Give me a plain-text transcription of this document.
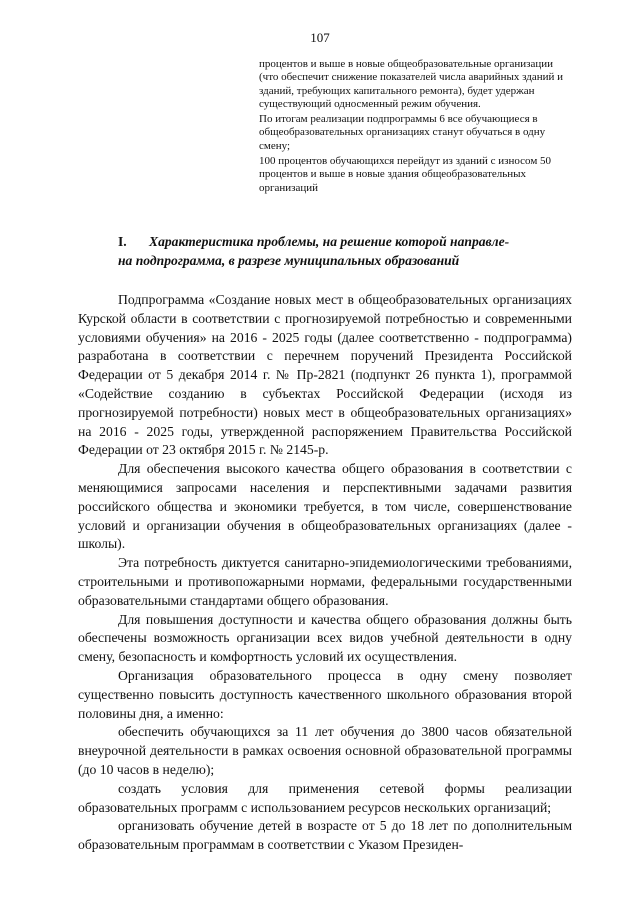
107

процентов и выше в новые общеобразовательные организации (что обеспечит снижение показателей числа аварийных зданий и зданий, требующих капитального ремонта), будет удержан существующий односменный режим обучения.

По итогам реализации подпрограммы 6 все обучающиеся в общеобразовательных организациях станут обучаться в одну смену;

100 процентов обучающихся перейдут из зданий с износом 50 процентов и выше в новые здания общеобразовательных организаций

I.	Характеристика проблемы, на решение которой направле-
на подпрограмма, в разрезе муниципальных образований

Подпрограмма «Создание новых мест в общеобразовательных организациях Курской области в соответствии с прогнозируемой потребностью и современными условиями обучения» на 2016 - 2025 годы (далее соответственно - подпрограмма) разработана в соответствии с перечнем поручений Президента Российской Федерации от 5 декабря 2014 г. № Пр-2821 (подпункт 26 пункта 1), программой «Содействие созданию в субъектах Российской Федерации (исходя из прогнозируемой потребности) новых мест в общеобразовательных организациях» на 2016 - 2025 годы, утвержденной распоряжением Правительства Российской Федерации от 23 октября 2015 г. № 2145-р.

Для обеспечения высокого качества общего образования в соответствии с меняющимися запросами населения и перспективными задачами развития российского общества и экономики требуется, в том числе, совершенствование условий и организации обучения в общеобразовательных организациях (далее - школы).

Эта потребность диктуется санитарно-эпидемиологическими требованиями, строительными и противопожарными нормами, федеральными государственными образовательными стандартами общего образования.

Для повышения доступности и качества общего образования должны быть обеспечены возможность организации всех видов учебной деятельности в одну смену, безопасность и комфортность условий их осуществления.

Организация образовательного процесса в одну смену позволяет существенно повысить доступность качественного школьного образования второй половины дня, а именно:

обеспечить обучающихся за 11 лет обучения до 3800 часов обязательной внеурочной деятельности в рамках освоения основной образовательной программы (до 10 часов в неделю);

создать условия для применения сетевой формы реализации образовательных программ с использованием ресурсов нескольких организаций;

организовать обучение детей в возрасте от 5 до 18 лет по дополнительным образовательным программам в соответствии с Указом Президен-
